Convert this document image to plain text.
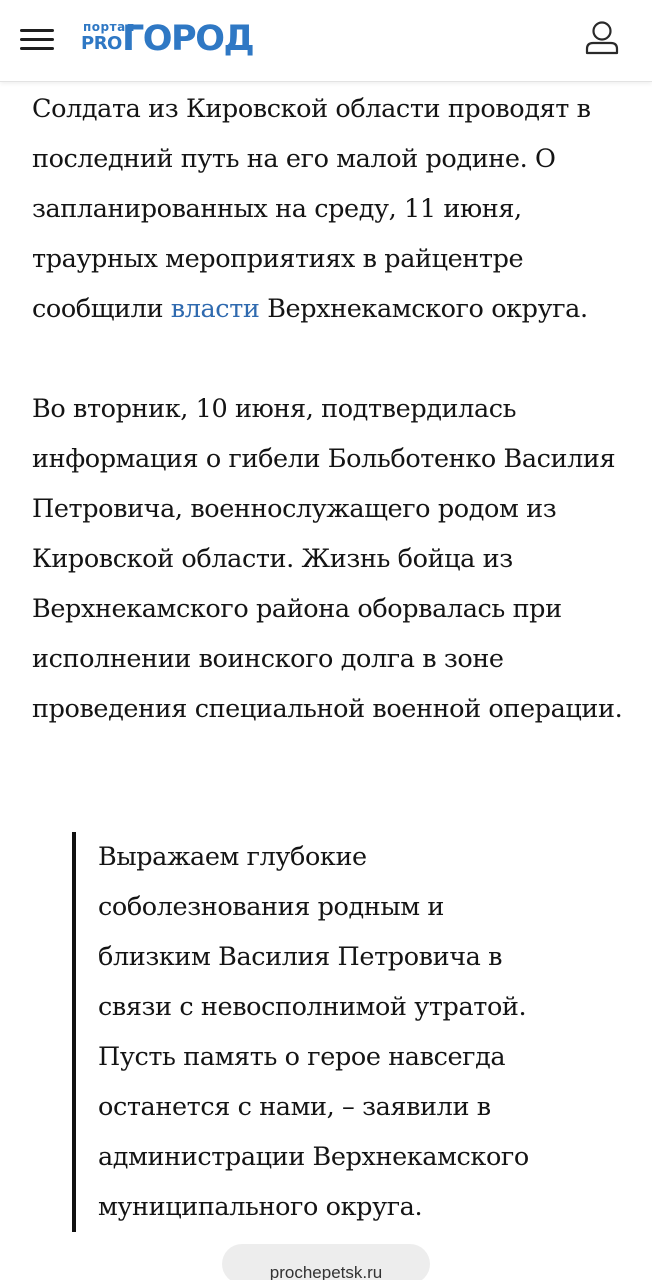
портал
PRO ГОРОД

Солдата из Кировской области проводят в последний путь на его малой родине. О запланированных на среду, 11 июня, траурных мероприятиях в райцентре сообщили власти Верхнекамского округа.

Во вторник, 10 июня, подтвердилась информация о гибели Больботенко Василия Петровича, военнослужащего родом из Кировской области. Жизнь бойца из Верхнекамского района оборвалась при исполнении воинского долга в зоне проведения специальной военной операции.

Выражаем глубокие соболезнования родным и близким Василия Петровича в связи с невосполнимой утратой. Пусть память о герое навсегда останется с нами, – заявили в администрации Верхнекамского муниципального округа.

prochepetsk.ru
